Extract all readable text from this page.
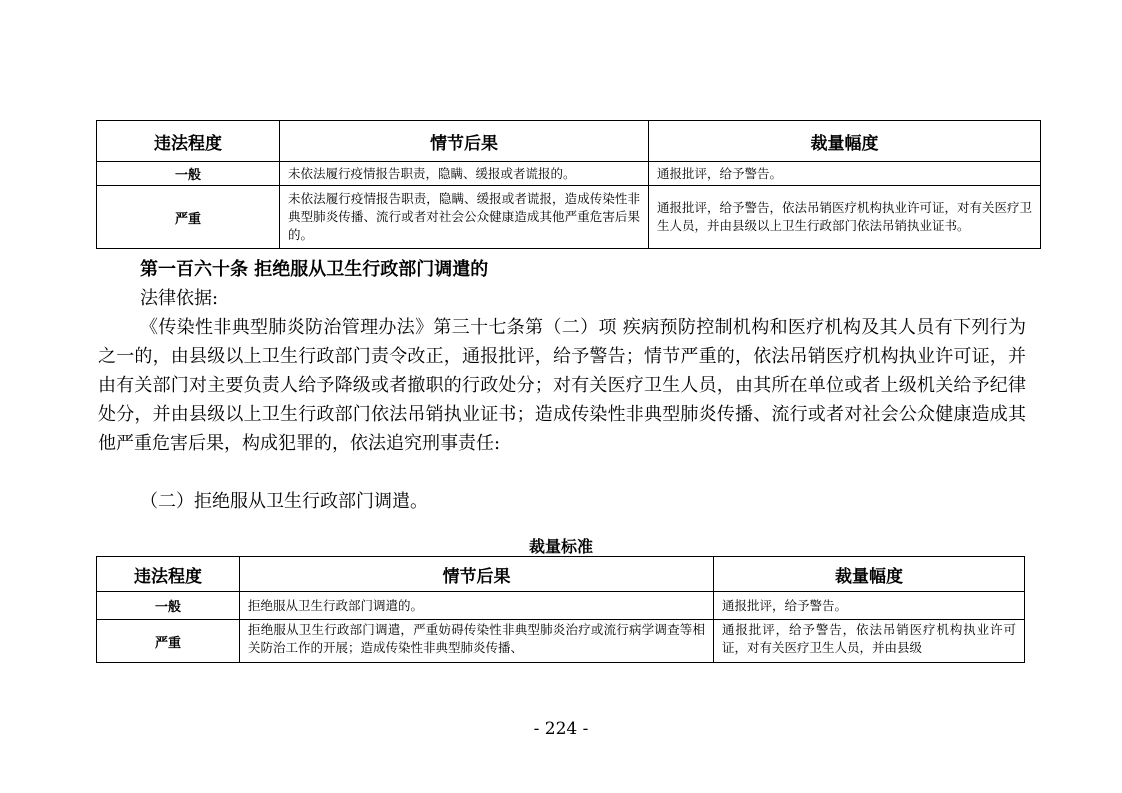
违法程度	情节后果	裁量幅度
一般	未依法履行疫情报告职责，隐瞒、缓报或者谎报的。	通报批评，给予警告。
严重	未依法履行疫情报告职责，隐瞒、缓报或者谎报，造成传染性非典型肺炎传播、流行或者对社会公众健康造成其他严重危害后果的。	通报批评，给予警告，依法吊销医疗机构执业许可证，对有关医疗卫生人员，并由县级以上卫生行政部门依法吊销执业证书。
第一百六十条 拒绝服从卫生行政部门调遣的

法律依据:

《传染性非典型肺炎防治管理办法》第三十七条第（二）项 疾病预防控制机构和医疗机构及其人员有下列行为之一的，由县级以上卫生行政部门责令改正，通报批评，给予警告；情节严重的，依法吊销医疗机构执业许可证，并由有关部门对主要负责人给予降级或者撤职的行政处分；对有关医疗卫生人员，由其所在单位或者上级机关给予纪律处分，并由县级以上卫生行政部门依法吊销执业证书；造成传染性非典型肺炎传播、流行或者对社会公众健康造成其他严重危害后果，构成犯罪的，依法追究刑事责任:

（二）拒绝服从卫生行政部门调遣。

裁量标准

违法程度	情节后果	裁量幅度
一般	拒绝服从卫生行政部门调遣的。	通报批评，给予警告。
严重	拒绝服从卫生行政部门调遣，严重妨碍传染性非典型肺炎治疗或流行病学调查等相关防治工作的开展；造成传染性非典型肺炎传播、	通报批评，给予警告，依法吊销医疗机构执业许可证，对有关医疗卫生人员，并由县级
- 224 -
